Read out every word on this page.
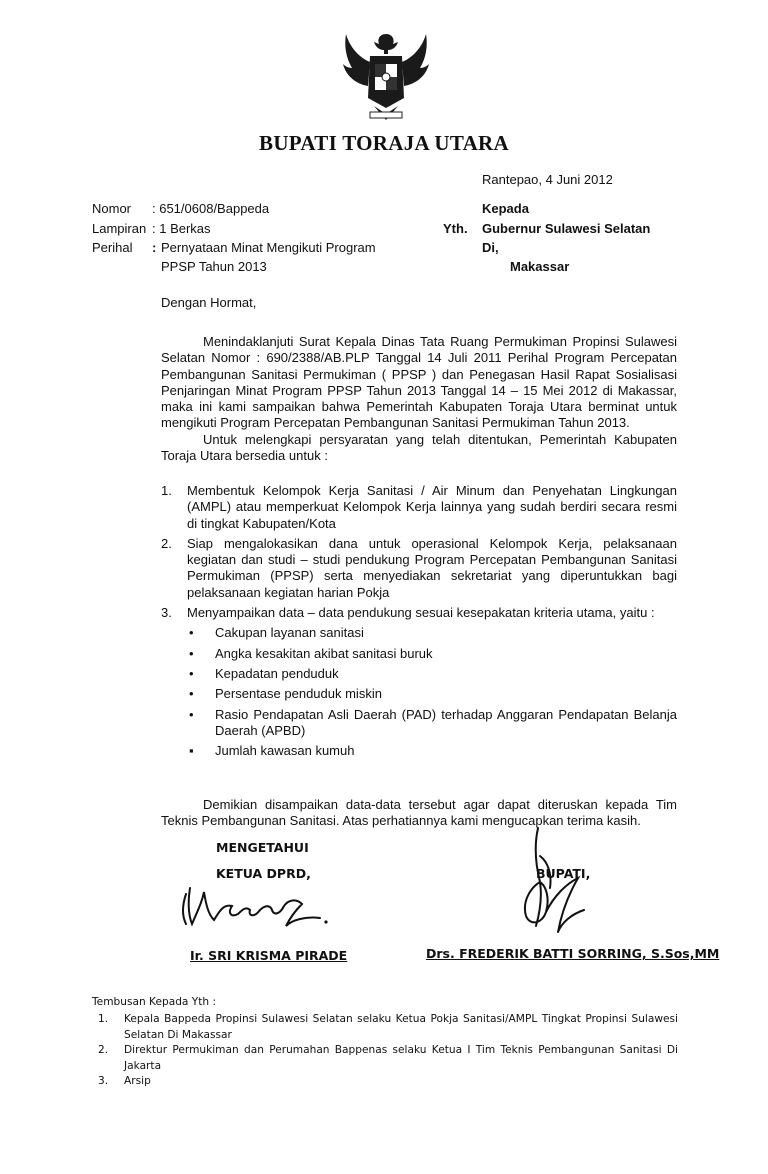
BUPATI TORAJA UTARA
Rantepao, 4 Juni 2012
Nomor : 651/0608/Bappeda	Kepada
Lampiran : 1 Berkas	Yth. Gubernur Sulawesi Selatan
Perihal : Pernyataan Minat Mengikuti Program
PPSP Tahun 2013
Di,
Makassar
Dengan Hormat,

Menindaklanjuti Surat Kepala Dinas Tata Ruang Permukiman Propinsi Sulawesi Selatan Nomor : 690/2388/AB.PLP Tanggal 14 Juli 2011 Perihal Program Percepatan Pembangunan Sanitasi Permukiman ( PPSP ) dan Penegasan Hasil Rapat Sosialisasi Penjaringan Minat Program PPSP Tahun 2013 Tanggal 14 – 15 Mei 2012 di Makassar, maka ini kami sampaikan bahwa Pemerintah Kabupaten Toraja Utara berminat untuk mengikuti Program Percepatan Pembangunan Sanitasi Permukiman Tahun 2013.

Untuk melengkapi persyaratan yang telah ditentukan, Pemerintah Kabupaten Toraja Utara bersedia untuk :

1. Membentuk Kelompok Kerja Sanitasi / Air Minum dan Penyehatan Lingkungan (AMPL) atau memperkuat Kelompok Kerja lainnya yang sudah berdiri secara resmi di tingkat Kabupaten/Kota
2. Siap mengalokasikan dana untuk operasional Kelompok Kerja, pelaksanaan kegiatan dan studi – studi pendukung Program Percepatan Pembangunan Sanitasi Permukiman (PPSP) serta menyediakan sekretariat yang diperuntukkan bagi pelaksanaan kegiatan harian Pokja
3. Menyampaikan data – data pendukung sesuai kesepakatan kriteria utama, yaitu :
• Cakupan layanan sanitasi
• Angka kesakitan akibat sanitasi buruk
• Kepadatan penduduk
• Persentase penduduk miskin
• Rasio Pendapatan Asli Daerah (PAD) terhadap Anggaran Pendapatan Belanja Daerah (APBD)
▪ Jumlah kawasan kumuh

Demikian disampaikan data-data tersebut agar dapat diteruskan kepada Tim Teknis Pembangunan Sanitasi. Atas perhatiannya kami mengucapkan terima kasih.

MENGETAHUI
KETUA DPRD,	BUPATI,
Ir. SRI KRISMA PIRADE	Drs. FREDERIK BATTI SORRING, S.Sos,MM
Tembusan Kepada Yth :
1. Kepala Bappeda Propinsi Sulawesi Selatan selaku Ketua Pokja Sanitasi/AMPL Tingkat Propinsi Sulawesi Selatan Di Makassar
2. Direktur Permukiman dan Perumahan Bappenas selaku Ketua I Tim Teknis Pembangunan Sanitasi Di Jakarta
3. Arsip
